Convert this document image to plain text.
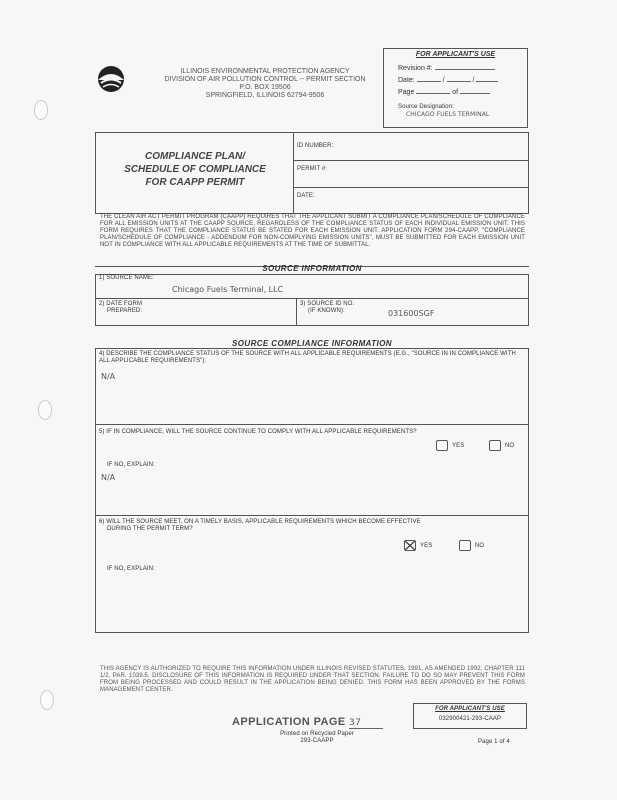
ILLINOIS ENVIRONMENTAL PROTECTION AGENCY
DIVISION OF AIR POLLUTION CONTROL -- PERMIT SECTION
P.O. BOX 19506
SPRINGFIELD, ILLINOIS 62794-9506
FOR APPLICANT'S USE
Revision #:
Date:	/	/
Page	of
Source Designation:
CHICAGO FUELS TERMINAL
COMPLIANCE PLAN/
SCHEDULE OF COMPLIANCE
FOR CAAPP PERMIT
ID NUMBER:
PERMIT #:
DATE:
THE CLEAN AIR ACT PERMIT PROGRAM (CAAPP) REQUIRES THAT THE APPLICANT SUBMIT A COMPLIANCE PLAN/SCHEDULE OF COMPLIANCE FOR ALL EMISSION UNITS AT THE CAAPP SOURCE, REGARDLESS OF THE COMPLIANCE STATUS OF EACH INDIVIDUAL EMISSION UNIT. THIS FORM REQUIRES THAT THE COMPLIANCE STATUS BE STATED FOR EACH EMISSION UNIT. APPLICATION FORM 294-CAAPP, "COMPLIANCE PLAN/SCHEDULE OF COMPLIANCE - ADDENDUM FOR NON-COMPLYING EMISSION UNITS", MUST BE SUBMITTED FOR EACH EMISSION UNIT NOT IN COMPLIANCE WITH ALL APPLICABLE REQUIREMENTS AT THE TIME OF SUBMITTAL.
SOURCE INFORMATION
1) SOURCE NAME:
Chicago Fuels Terminal, LLC
2) DATE FORM
PREPARED:
3) SOURCE ID NO.
(IF KNOWN):	031600SGF
SOURCE COMPLIANCE INFORMATION
4) DESCRIBE THE COMPLIANCE STATUS OF THE SOURCE WITH ALL APPLICABLE REQUIREMENTS (E.G., "SOURCE IN IN COMPLIANCE WITH ALL APPLICABLE REQUIREMENTS"):
N/A
5) IF IN COMPLIANCE, WILL THE SOURCE CONTINUE TO COMPLY WITH ALL APPLICABLE REQUIREMENTS?
YES	NO
IF NO, EXPLAIN:
N/A
6) WILL THE SOURCE MEET, ON A TIMELY BASIS, APPLICABLE REQUIREMENTS WHICH BECOME EFFECTIVE
DURING THE PERMIT TERM?
YES	NO
IF NO, EXPLAIN:
THIS AGENCY IS AUTHORIZED TO REQUIRE THIS INFORMATION UNDER ILLINOIS REVISED STATUTES, 1991, AS AMENDED 1992, CHAPTER 111 1/2, PAR. 1039.5. DISCLOSURE OF THIS INFORMATION IS REQUIRED UNDER THAT SECTION. FAILURE TO DO SO MAY PREVENT THIS FORM FROM BEING PROCESSED AND COULD RESULT IN THE APPLICATION BEING DENIED. THIS FORM HAS BEEN APPROVED BY THE FORMS MANAGEMENT CENTER.
APPLICATION PAGE 37
Printed on Recycled Paper
293-CAAPP
FOR APPLICANT'S USE
032900421-293-CAAP
Page 1 of 4
